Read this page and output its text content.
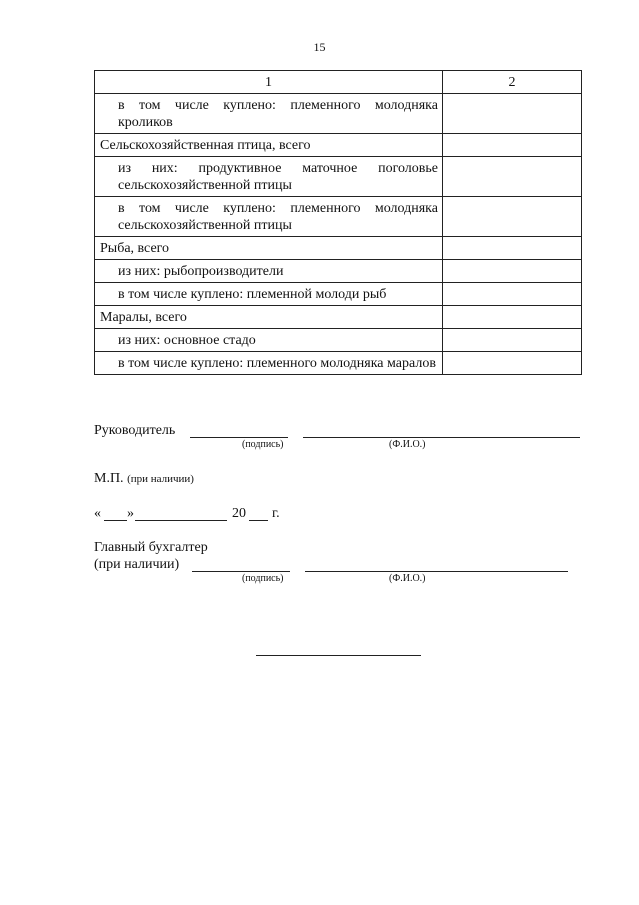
15
1	2

в том числе куплено: племенного молодняка кроликов	

Сельскохозяйственная птица, всего	

из них: продуктивное маточное поголовье сельскохозяйственной птицы	

в том числе куплено: племенного молодняка сельскохозяйственной птицы	

Рыба, всего	

из них: рыбопроизводители	

в том числе куплено: племенной молоди рыб	

Маралы, всего	

из них: основное стадо	

в том числе куплено: племенного молодняка маралов	

Руководитель
(подпись)	(Ф.И.О.)
М.П. (при наличии)
« »	20 г.
Главный бухгалтер
(при наличии)
(подпись)	(Ф.И.О.)
